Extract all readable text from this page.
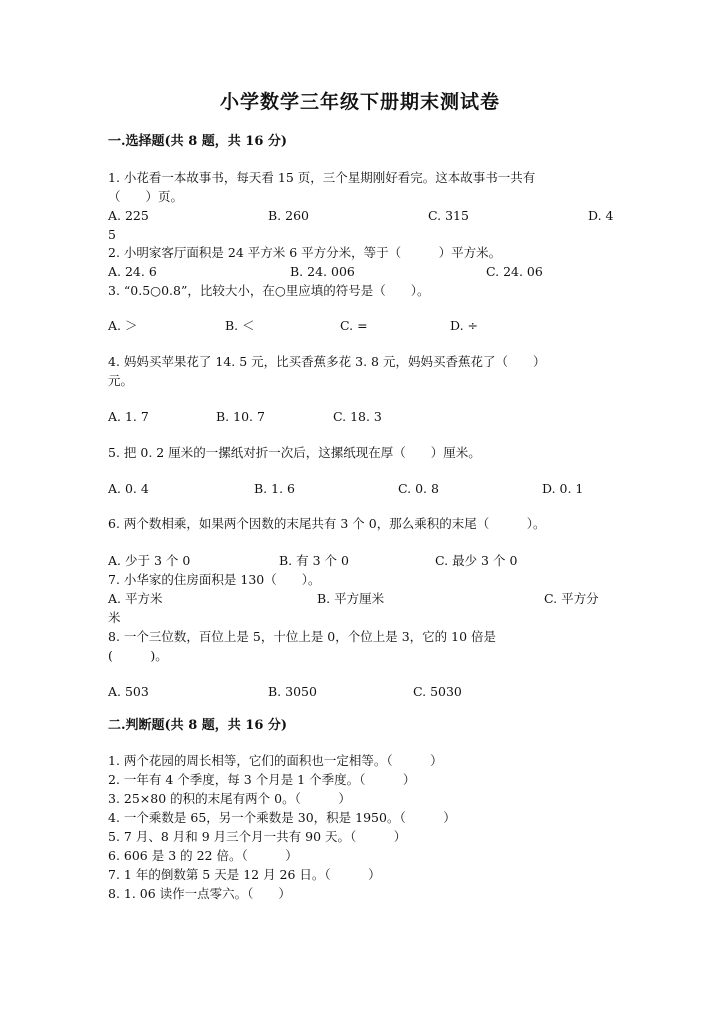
小学数学三年级下册期末测试卷
一.选择题(共 8 题，共 16 分)
1. 小花看一本故事书，每天看 15 页，三个星期刚好看完。这本故事书一共有
（　　）页。
A. 225	B. 260	C. 315	D. 4
5
2. 小明家客厅面积是 24 平方米 6 平方分米，等于（　　　）平方米。
A. 24. 6	B. 24. 006	C. 24. 06
3. “0.5○0.8”，比较大小，在○里应填的符号是（　　）。
A. ＞	B. ＜	C. =	D. ÷
4. 妈妈买苹果花了 14. 5 元，比买香蕉多花 3. 8 元，妈妈买香蕉花了（　　）
元。
A. 1. 7	B. 10. 7	C. 18. 3
5. 把 0. 2 厘米的一摞纸对折一次后，这摞纸现在厚（　　）厘米。
A. 0. 4	B. 1. 6	C. 0. 8	D. 0. 1
6. 两个数相乘，如果两个因数的末尾共有 3 个 0，那么乘积的末尾（　　　）。
A. 少于 3 个 0	B. 有 3 个 0	C. 最少 3 个 0
7. 小华家的住房面积是 130（　　）。
A. 平方米	B. 平方厘米	C. 平方分
米
8. 一个三位数，百位上是 5，十位上是 0，个位上是 3，它的 10 倍是
(　　　)。
A. 503	B. 3050	C. 5030
二.判断题(共 8 题，共 16 分)
1. 两个花园的周长相等，它们的面积也一定相等。（　　　）
2. 一年有 4 个季度，每 3 个月是 1 个季度。（　　　）
3. 25×80 的积的末尾有两个 0。（　　　）
4. 一个乘数是 65，另一个乘数是 30，积是 1950。（　　　）
5. 7 月、8 月和 9 月三个月一共有 90 天。（　　　）
6. 606 是 3 的 22 倍。（　　　）
7. 1 年的倒数第 5 天是 12 月 26 日。（　　　）
8. 1. 06 读作一点零六。（　　）
